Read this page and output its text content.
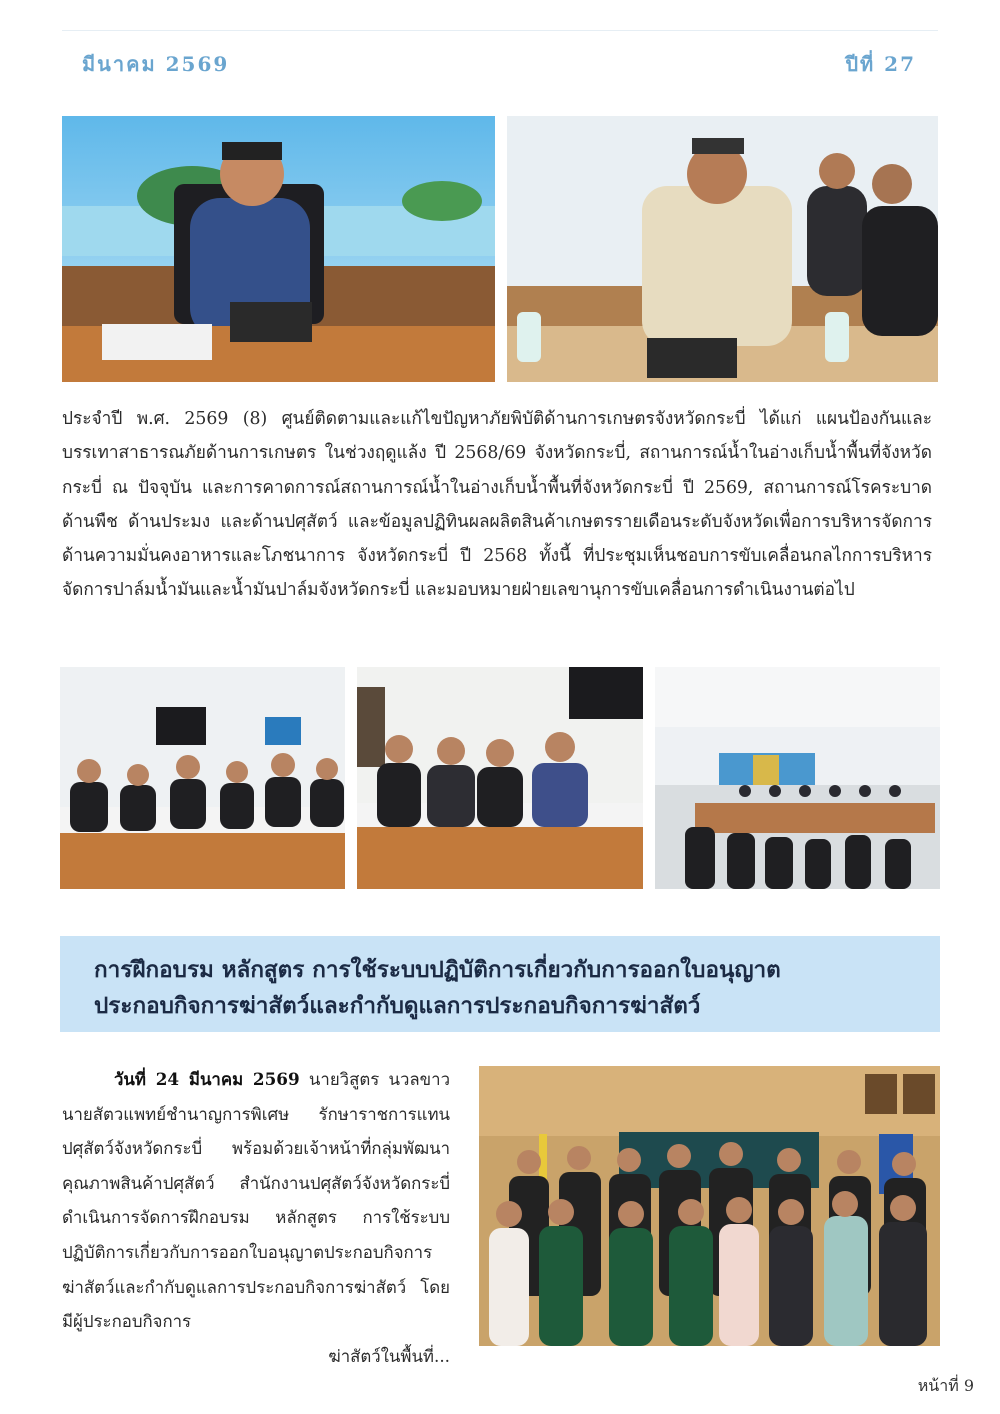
มีนาคม 2569	ปีที่ 27

ประจำปี พ.ศ. 2569 (8) ศูนย์ติดตามและแก้ไขปัญหาภัยพิบัติด้านการเกษตรจังหวัดกระบี่ ได้แก่ แผนป้องกันและบรรเทาสาธารณภัยด้านการเกษตร ในช่วงฤดูแล้ง ปี 2568/69 จังหวัดกระบี่, สถานการณ์น้ำในอ่างเก็บน้ำพื้นที่จังหวัดกระบี่ ณ ปัจจุบัน และการคาดการณ์สถานการณ์น้ำในอ่างเก็บน้ำพื้นที่จังหวัดกระบี่ ปี 2569, สถานการณ์โรคระบาด ด้านพืช ด้านประมง และด้านปศุสัตว์ และข้อมูลปฏิทินผลผลิตสินค้าเกษตรรายเดือนระดับจังหวัดเพื่อการบริหารจัดการด้านความมั่นคงอาหารและโภชนาการ จังหวัดกระบี่ ปี 2568 ทั้งนี้ ที่ประชุมเห็นชอบการขับเคลื่อนกลไกการบริหารจัดการปาล์มน้ำมันและน้ำมันปาล์มจังหวัดกระบี่ และมอบหมายฝ่ายเลขานุการขับเคลื่อนการดำเนินงานต่อไป

การฝึกอบรม หลักสูตร การใช้ระบบปฏิบัติการเกี่ยวกับการออกใบอนุญาต
ประกอบกิจการฆ่าสัตว์และกำกับดูแลการประกอบกิจการฆ่าสัตว์

วันที่ 24 มีนาคม 2569 นายวิสูตร นวลขาว นายสัตวแพทย์ชำนาญการพิเศษ รักษาราชการแทนปศุสัตว์จังหวัดกระบี่ พร้อมด้วยเจ้าหน้าที่กลุ่มพัฒนาคุณภาพสินค้าปศุสัตว์ สำนักงานปศุสัตว์จังหวัดกระบี่ ดำเนินการจัดการฝึกอบรม หลักสูตร การใช้ระบบปฏิบัติการเกี่ยวกับการออกใบอนุญาตประกอบกิจการฆ่าสัตว์และกำกับดูแลการประกอบกิจการฆ่าสัตว์ โดยมีผู้ประกอบกิจการ
ฆ่าสัตว์ในพื้นที่...

หน้าที่ 9
